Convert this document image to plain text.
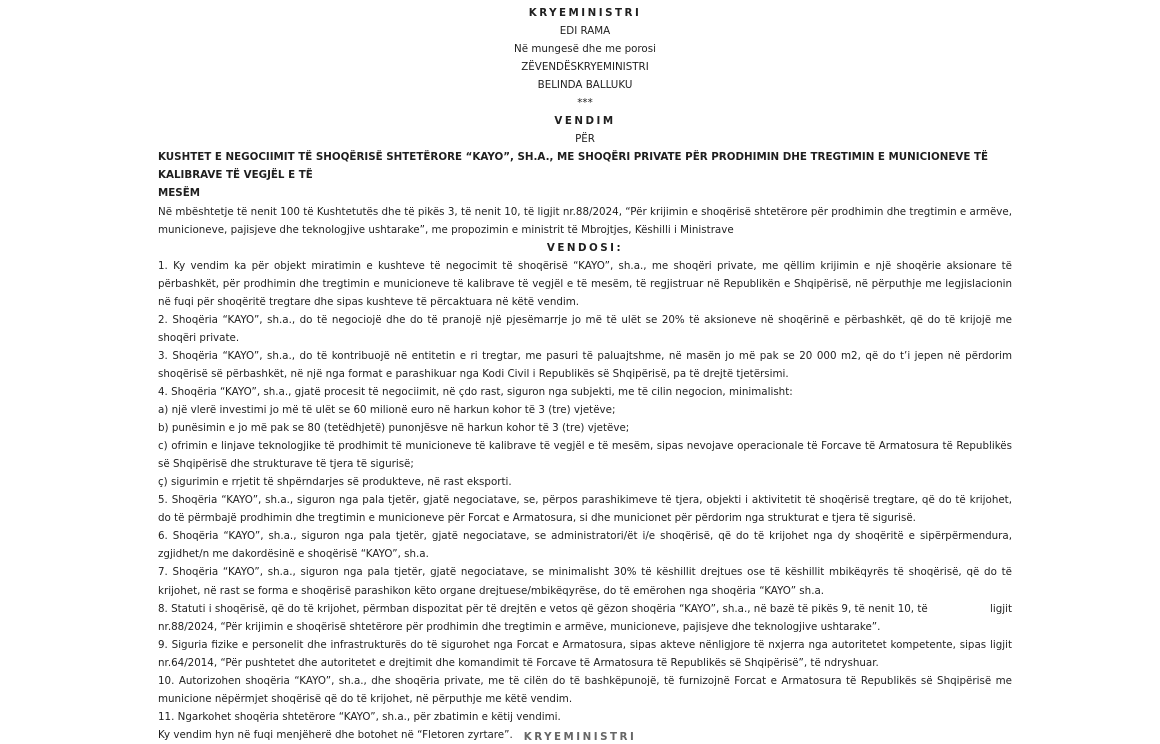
KRYEMINISTRI
EDI RAMA
Në mungesë dhe me porosi
ZËVENDËSKRYEMINISTRI
BELINDA BALLUKU
***
VENDIM
PËR
KUSHTET E NEGOCIIMIT TË SHOQËRISË SHTETËRORE “KAYO”, SH.A., ME SHOQËRI PRIVATE PËR PRODHIMIN DHE TREGTIMIN E MUNICIONEVE TË KALIBRAVE TË VEGJËL E TË
MESËM
Në mbështetje të nenit 100 të Kushtetutës dhe të pikës 3, të nenit 10, të ligjit nr.88/2024, “Për krijimin e shoqërisë shtetërore për prodhimin dhe tregtimin e armëve, municioneve, pajisjeve dhe teknologjive ushtarake”, me propozimin e ministrit të Mbrojtjes, Këshilli i Ministrave
VENDOSI:
1. Ky vendim ka për objekt miratimin e kushteve të negocimit të shoqërisë “KAYO”, sh.a., me shoqëri private, me qëllim krijimin e një shoqërie aksionare të përbashkët, për prodhimin dhe tregtimin e municioneve të kalibrave të vegjël e të mesëm, të regjistruar në Republikën e Shqipërisë, në përputhje me legjislacionin në fuqi për shoqëritë tregtare dhe sipas kushteve të përcaktuara në këtë vendim.
2. Shoqëria “KAYO”, sh.a., do të negociojë dhe do të pranojë një pjesëmarrje jo më të ulët se 20% të aksioneve në shoqërinë e përbashkët, që do të krijojë me shoqëri private.
3. Shoqëria “KAYO”, sh.a., do të kontribuojë në entitetin e ri tregtar, me pasuri të paluajtshme, në masën jo më pak se 20 000 m2, që do t’i jepen në përdorim shoqërisë së përbashkët, në një nga format e parashikuar nga Kodi Civil i Republikës së Shqipërisë, pa të drejtë tjetërsimi.
4. Shoqëria “KAYO”, sh.a., gjatë procesit të negociimit, në çdo rast, siguron nga subjekti, me të cilin negocion, minimalisht:
a) një vlerë investimi jo më të ulët se 60 milionë euro në harkun kohor të 3 (tre) vjetëve;
b) punësimin e jo më pak se 80 (tetëdhjetë) punonjësve në harkun kohor të 3 (tre) vjetëve;
c) ofrimin e linjave teknologjike të prodhimit të municioneve të kalibrave të vegjël e të mesëm, sipas nevojave operacionale të Forcave të Armatosura të Republikës së Shqipërisë dhe strukturave të tjera të sigurisë;
ç) sigurimin e rrjetit të shpërndarjes së produkteve, në rast eksporti.
5. Shoqëria “KAYO”, sh.a., siguron nga pala tjetër, gjatë negociatave, se, përpos parashikimeve të tjera, objekti i aktivitetit të shoqërisë tregtare, që do të krijohet, do të përmbajë prodhimin dhe tregtimin e municioneve për Forcat e Armatosura, si dhe municionet për përdorim nga strukturat e tjera të sigurisë.
6. Shoqëria “KAYO”, sh.a., siguron nga pala tjetër, gjatë negociatave, se administratori/ët i/e shoqërisë, që do të krijohet nga dy shoqëritë e sipërpërmendura, zgjidhet/n me dakordësinë e shoqërisë “KAYO”, sh.a.
7. Shoqëria “KAYO”, sh.a., siguron nga pala tjetër, gjatë negociatave, se minimalisht 30% të këshillit drejtues ose të këshillit mbikëqyrës të shoqërisë, që do të krijohet, në rast se forma e shoqërisë parashikon këto organe drejtuese/mbikëqyrëse, do të emërohen nga shoqëria “KAYO” sh.a.
8. Statuti i shoqërisë, që do të krijohet, përmban dispozitat për të drejtën e vetos që gëzon shoqëria “KAYO”, sh.a., në bazë të pikës 9, të nenit 10, të	ligjit
nr.88/2024, “Për krijimin e shoqërisë shtetërore për prodhimin dhe tregtimin e armëve, municioneve, pajisjeve dhe teknologjive ushtarake”.
9. Siguria fizike e personelit dhe infrastrukturës do të sigurohet nga Forcat e Armatosura, sipas akteve nënligjore të nxjerra nga autoritetet kompetente, sipas ligjit nr.64/2014, “Për pushtetet dhe autoritetet e drejtimit dhe komandimit të Forcave të Armatosura të Republikës së Shqipërisë”, të ndryshuar.
10. Autorizohen shoqëria “KAYO”, sh.a., dhe shoqëria private, me të cilën do të bashkëpunojë, të furnizojnë Forcat e Armatosura të Republikës së Shqipërisë me municione nëpërmjet shoqërisë që do të krijohet, në përputhje me këtë vendim.
11. Ngarkohet shoqëria shtetërore “KAYO”, sh.a., për zbatimin e këtij vendimi.
Ky vendim hyn në fuqi menjëherë dhe botohet në “Fletoren zyrtare”.	KRYEMINISTRI
